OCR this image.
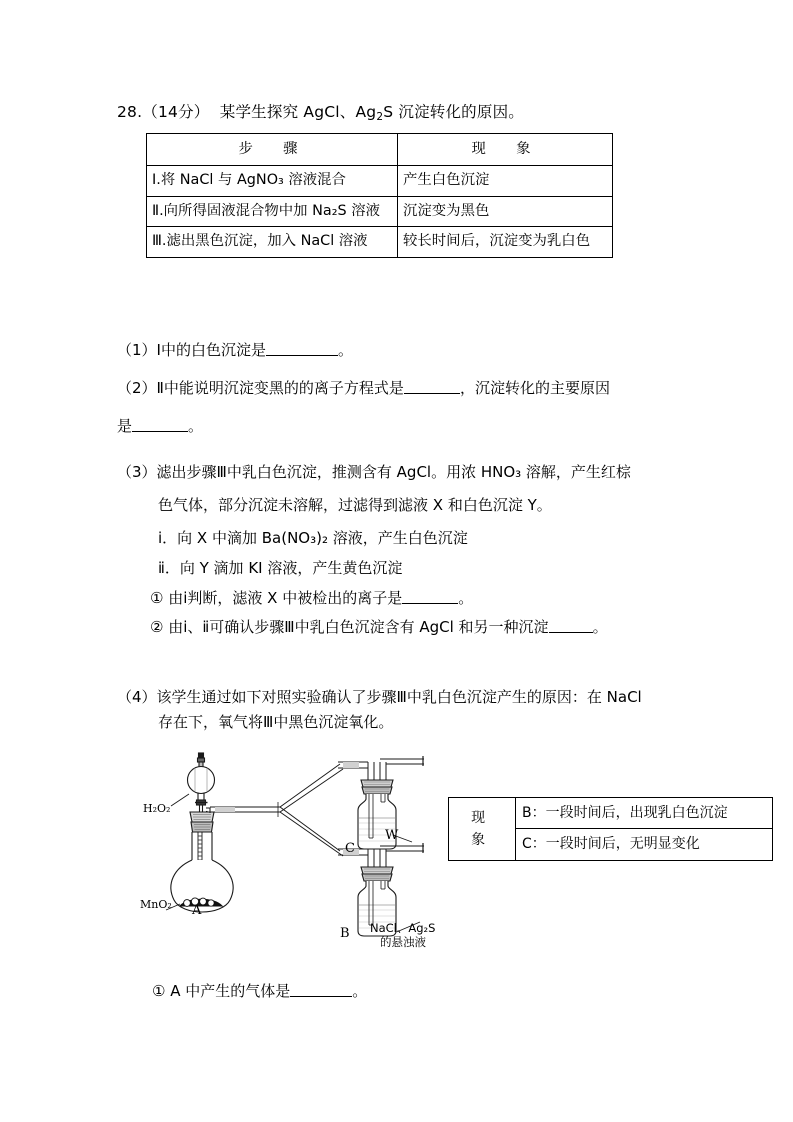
28.（14分） 某学生探究 AgCl、$Ag_2S$ 沉淀转化的原因。
步　骤	现　象
Ⅰ.将 NaCl 与 AgNO₃ 溶液混合	产生白色沉淀
Ⅱ.向所得固液混合物中加 Na₂S 溶液	沉淀变为黑色
Ⅲ.滤出黑色沉淀，加入 NaCl 溶液	较长时间后，沉淀变为乳白色
（1）Ⅰ中的白色沉淀是	。
（2）Ⅱ中能说明沉淀变黑的的离子方程式是	，沉淀转化的主要原因
是	。
（3）滤出步骤Ⅲ中乳白色沉淀，推测含有 AgCl。用浓 HNO₃ 溶解，产生红棕
色气体，部分沉淀未溶解，过滤得到滤液 X 和白色沉淀 Y。
ⅰ．向 X 中滴加 Ba(NO₃)₂ 溶液，产生白色沉淀
ⅱ．向 Y 滴加 KI 溶液，产生黄色沉淀
① 由ⅰ判断，滤液 X 中被检出的离子是	。
② 由ⅰ、ⅱ可确认步骤Ⅲ中乳白色沉淀含有 AgCl 和另一种沉淀	。
（4）该学生通过如下对照实验确认了步骤Ⅲ中乳白色沉淀产生的原因：在 NaCl
存在下，氧气将Ⅲ中黑色沉淀氧化。
H₂O₂
MnO₂ A
B
C
W
NaCl、Ag₂S
的悬浊液
现　象	B：一段时间后，出现乳白色沉淀
C：一段时间后，无明显变化
① A 中产生的气体是	。
